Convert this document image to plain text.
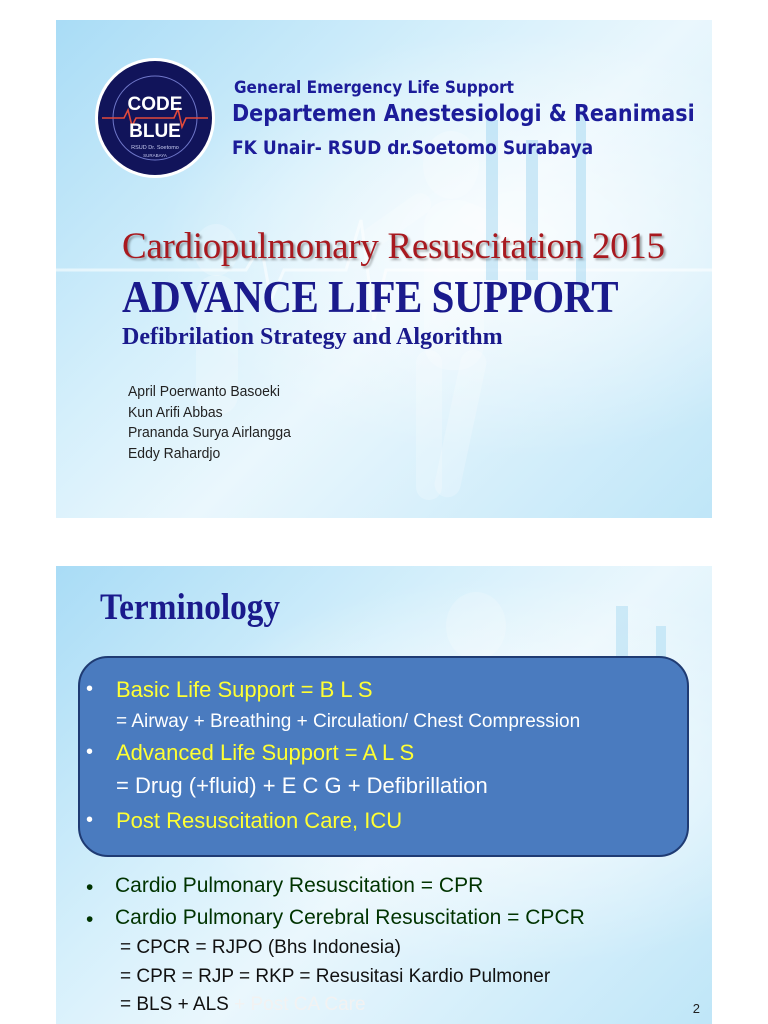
CODE
BLUE
RSUD Dr. Soetomo
SURABAYA
General Emergency Life Support
Departemen Anestesiologi & Reanimasi
FK Unair- RSUD dr.Soetomo Surabaya
Cardiopulmonary Resuscitation 2015
ADVANCE LIFE SUPPORT
Defibrilation Strategy and Algorithm
April Poerwanto Basoeki
Kun Arifi Abbas
Prananda Surya Airlangga
Eddy Rahardjo
Terminology
• Basic Life Support = B L S
= Airway + Breathing + Circulation/ Chest Compression
• Advanced Life Support = A L S
= Drug (+fluid) + E C G + Defibrillation
• Post Resuscitation Care, ICU
• Cardio Pulmonary Resuscitation = CPR
• Cardio Pulmonary Cerebral Resuscitation = CPCR
= CPCR = RJPO (Bhs Indonesia)
= CPR = RJP = RKP = Resusitasi Kardio Pulmoner
= BLS + ALS + Post CA Care	2
